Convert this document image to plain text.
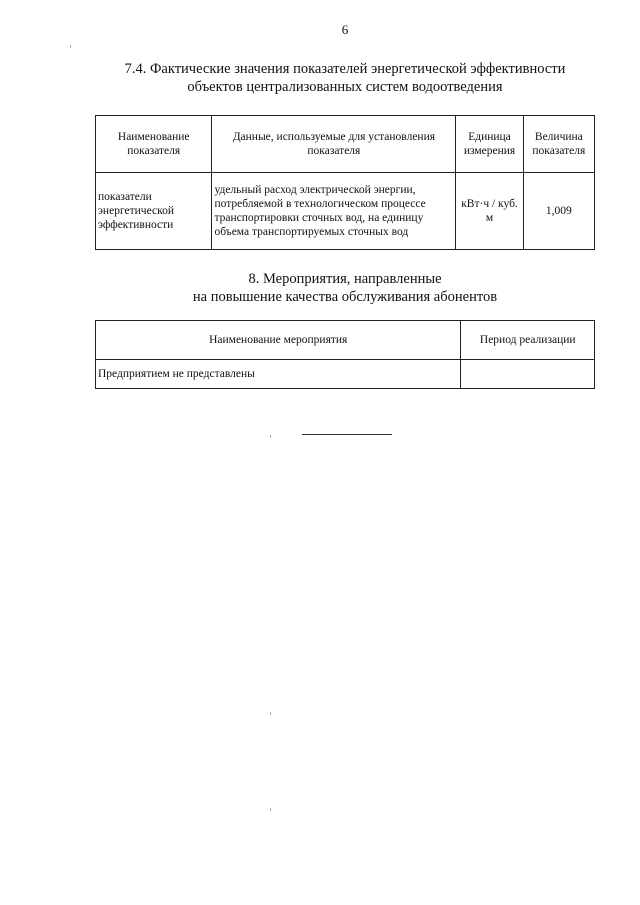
6
7.4. Фактические значения показателей энергетической эффективности
объектов централизованных систем водоотведения
Наименование показателя	Данные, используемые для установления показателя	Единица измерения	Величина показателя
показатели энергетической эффективности	удельный расход электрической энергии, потребляемой в технологическом процессе транспортировки сточных вод, на единицу объема транспортируемых сточных вод	кВт·ч / куб. м	1,009
8. Мероприятия, направленные
на повышение качества обслуживания абонентов
Наименование мероприятия	Период реализации
Предприятием не представлены	
